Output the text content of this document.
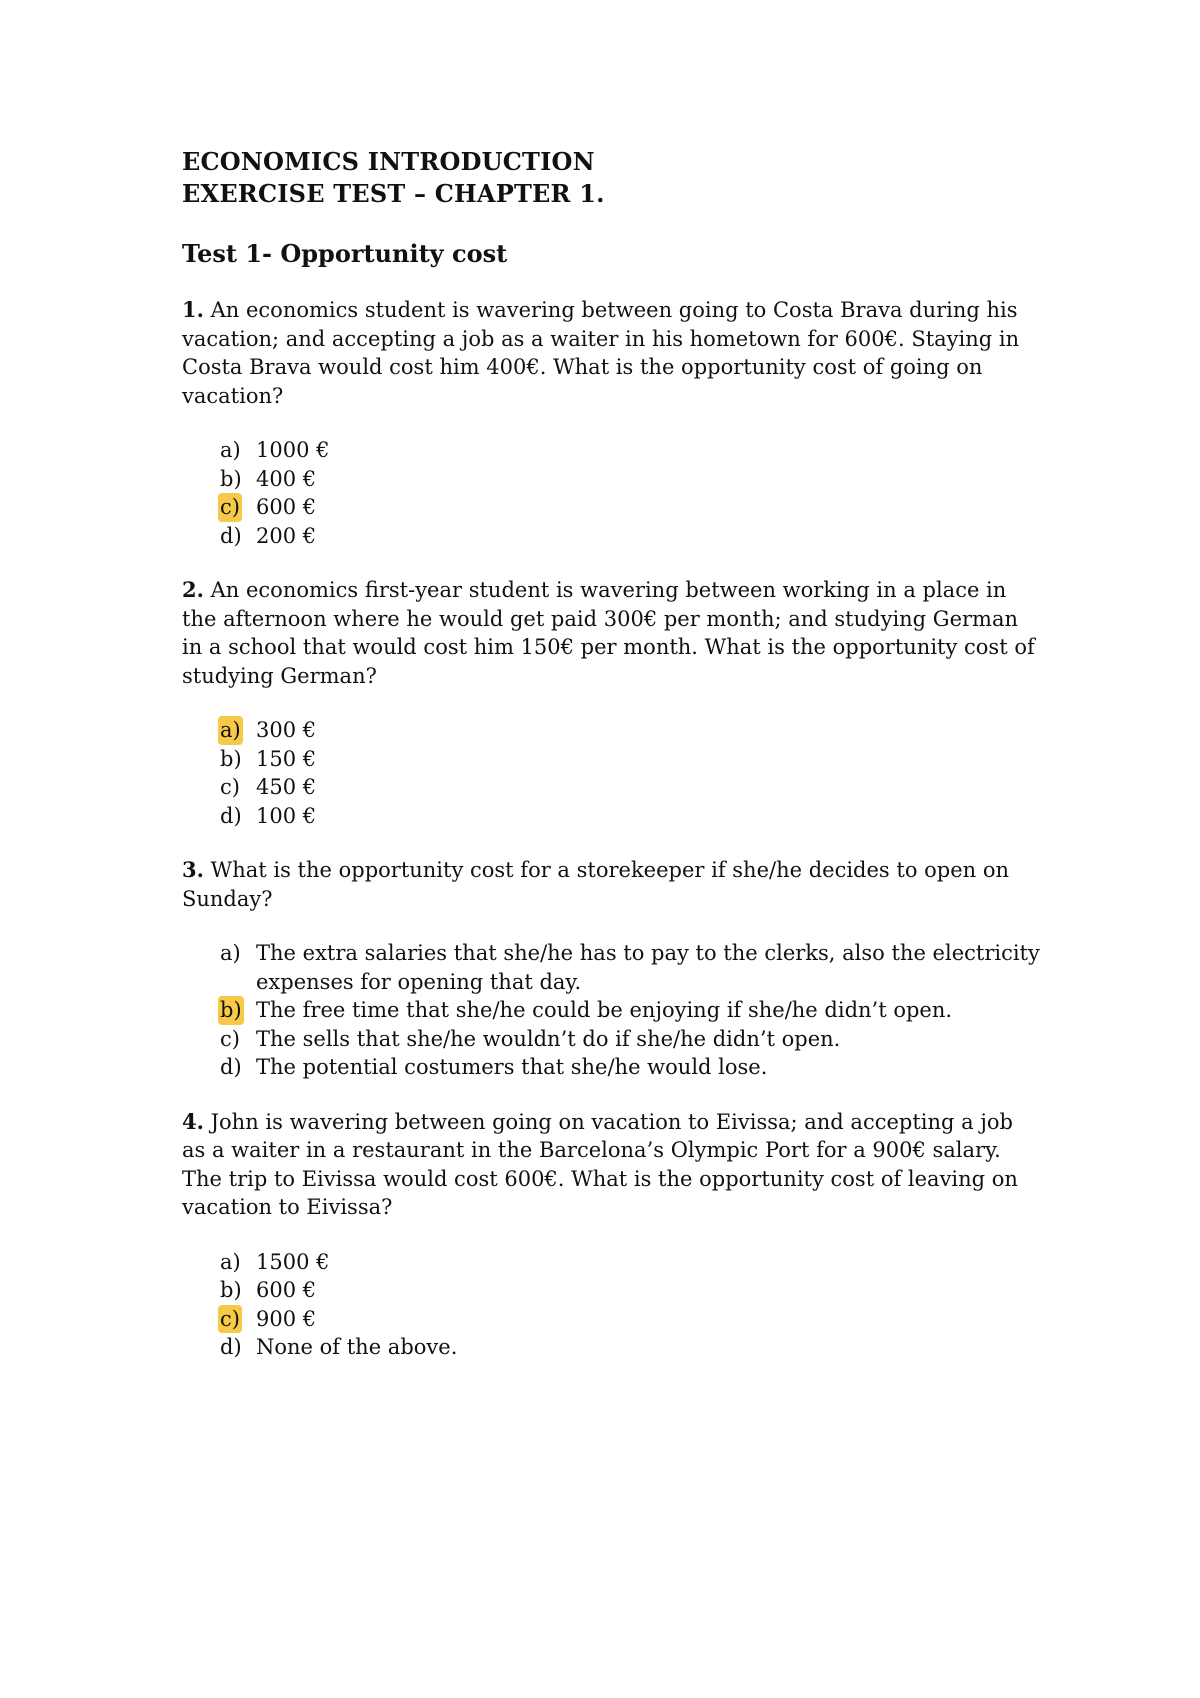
ECONOMICS INTRODUCTION

EXERCISE TEST – CHAPTER 1.

Test 1- Opportunity cost

1. An economics student is wavering between going to Costa Brava during his vacation; and accepting a job as a waiter in his hometown for 600€. Staying in Costa Brava would cost him 400€. What is the opportunity cost of going on vacation?

a) 1000 €
b) 400 €
c) 600 €
d) 200 €

2. An economics first-year student is wavering between working in a place in the afternoon where he would get paid 300€ per month; and studying German in a school that would cost him 150€ per month. What is the opportunity cost of studying German?

a) 300 €
b) 150 €
c) 450 €
d) 100 €

3. What is the opportunity cost for a storekeeper if she/he decides to open on Sunday?

a) The extra salaries that she/he has to pay to the clerks, also the electricity expenses for opening that day.
b) The free time that she/he could be enjoying if she/he didn’t open.
c) The sells that she/he wouldn’t do if she/he didn’t open.
d) The potential costumers that she/he would lose.

4. John is wavering between going on vacation to Eivissa; and accepting a job as a waiter in a restaurant in the Barcelona’s Olympic Port for a 900€ salary. The trip to Eivissa would cost 600€. What is the opportunity cost of leaving on vacation to Eivissa?

a) 1500 €
b) 600 €
c) 900 €
d) None of the above.
